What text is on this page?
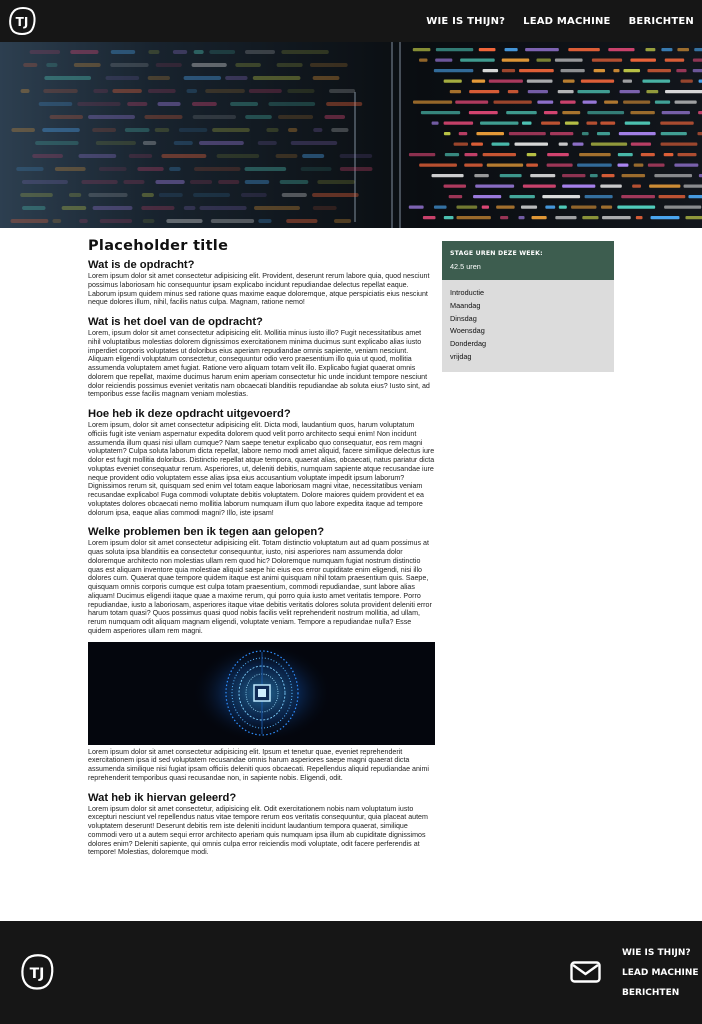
TJ	WIE IS THIJN? LEAD MACHINE BERICHTEN
Placeholder title
Wat is de opdracht?

Lorem ipsum dolor sit amet consectetur adipisicing elit. Provident, deserunt rerum labore quia, quod nesciunt possimus laboriosam hic consequuntur ipsam explicabo incidunt repudiandae delectus repellat eaque. Laborum ipsum quidem minus sed ratione quas maxime eaque doloremque, atque perspiciatis eius nesciunt neque dolores illum, nihil, facilis natus culpa. Magnam, ratione nemo!

Wat is het doel van de opdracht?

Lorem, ipsum dolor sit amet consectetur adipisicing elit. Mollitia minus iusto illo? Fugit necessitatibus amet nihil voluptatibus molestias dolorem dignissimos exercitationem minima ducimus sunt explicabo alias iusto imperdiet corporis voluptates ut doloribus eius aperiam repudiandae omnis sapiente, veniam nesciunt. Aliquam eligendi voluptatum consectetur, consequuntur odio vero praesentium illo quia ut quod, mollitia assumenda voluptatem amet fugiat. Ratione vero aliquam totam velit illo. Explicabo fugiat quaerat omnis dolorem que repellat, maxime ducimus harum enim aperiam consectetur hic unde incidunt tempore nesciunt dolor reiciendis possimus eveniet veritatis nam obcaecati blanditiis repudiandae ab soluta eius? Iusto sint, ad temporibus esse facilis magnam veniam molestias.

Hoe heb ik deze opdracht uitgevoerd?

Lorem ipsum, dolor sit amet consectetur adipisicing elit. Dicta modi, laudantium quos, harum voluptatum officiis fugit iste veniam aspernatur expedita dolorem quod velit porro architecto sequi enim! Non incidunt assumenda illum quasi nisi ullam cumque? Nam saepe tenetur explicabo quo consequatur, eos rem magni voluptatem? Culpa soluta laborum dicta repellat, labore nemo modi amet aliquid, facere similique delectus iure dolor est fugit mollitia doloribus. Distinctio repellat atque tempora, quaerat alias, obcaecati, natus pariatur dicta voluptas eveniet consequatur rerum. Asperiores, ut, deleniti debitis, numquam sapiente atque recusandae iure neque provident odio voluptatem esse alias ipsa eius accusantium voluptate impedit ipsum laborum? Dignissimos rerum sit, quisquam sed enim vel totam eaque laboriosam magni vitae, necessitatibus veniam recusandae explicabo! Fuga commodi voluptate debitis voluptatem. Dolore maiores quidem provident et ea voluptates dolores obcaecati nemo mollitia laborum numquam illum quo labore expedita itaque ad tempore dolorum ipsa, eaque alias commodi magni? Illo, iste ipsam!

Welke problemen ben ik tegen aan gelopen?

Lorem ipsum dolor sit amet consectetur adipisicing elit. Totam distinctio voluptatum aut ad quam possimus at quas soluta ipsa blanditiis ea consectetur consequuntur, iusto, nisi asperiores nam assumenda dolor doloremque architecto non molestias ullam rem quod hic? Doloremque numquam fugiat nostrum distinctio quas est aliquam inventore quia molestiae aliquid saepe hic eius eos error cupiditate enim eligendi, nisi illo dolores cum. Quaerat quae tempore quidem itaque est animi quisquam nihil totam praesentium quis. Saepe, quisquam omnis corporis cumque est culpa totam praesentium, commodi repudiandae, sunt labore alias aliquam! Ducimus eligendi itaque quae a maxime rerum, qui porro quia iusto amet veritatis tempore. Porro repudiandae, iusto a laboriosam, asperiores itaque vitae debitis veritatis dolores soluta provident deleniti error harum totam quasi? Quos possimus quasi quod nobis facilis velit reprehenderit nostrum mollitia, ad ullam, rerum numquam odit aliquam magnam eligendi, voluptate veniam. Tempore a repudiandae nulla? Esse quidem asperiores ullam rem magni.

Lorem ipsum dolor sit amet consectetur adipisicing elit. Ipsum et tenetur quae, eveniet reprehenderit exercitationem ipsa id sed voluptatem recusandae omnis harum asperiores saepe magni quaerat dicta assumenda similique nisi fugiat ipsam officiis deleniti quos obcaecati. Repellendus aliquid repudiandae animi reprehenderit temporibus quasi recusandae non, in sapiente nobis. Eligendi, odit.

Wat heb ik hiervan geleerd?

Lorem ipsum dolor sit amet consectetur, adipisicing elit. Odit exercitationem nobis nam voluptatum iusto excepturi nesciunt vel repellendus natus vitae tempore rerum eos veritatis consequuntur, quia placeat autem voluptatem deserunt! Deserunt debitis rem iste deleniti incidunt laudantium tempora quaerat, similique commodi vero ut a autem sequi error architecto aperiam quis numquam ipsa illum ab cupiditate dignissimos dolores enim? Deleniti sapiente, qui omnis culpa error reiciendis modi voluptate, odit facere perferendis at tempore! Molestias, doloremque modi.

STAGE UREN DEZE WEEK:
42.5 uren
Introductie
Maandag
Dinsdag
Woensdag
Donderdag
vrijdag
TJ
WIE IS THIJN?
LEAD MACHINE
BERICHTEN
